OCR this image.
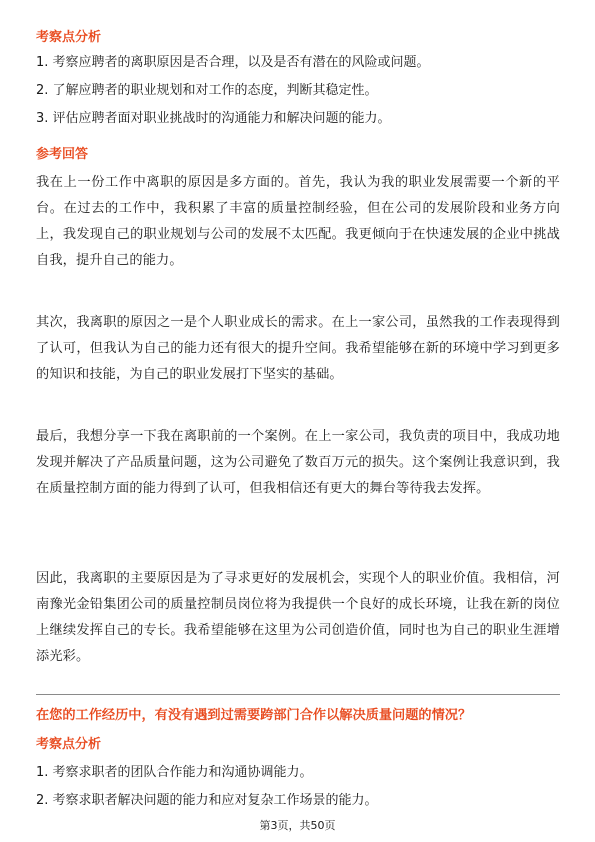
考察点分析
1. 考察应聘者的离职原因是否合理，以及是否有潜在的风险或问题。
2. 了解应聘者的职业规划和对工作的态度，判断其稳定性。
3. 评估应聘者面对职业挑战时的沟通能力和解决问题的能力。
参考回答
我在上一份工作中离职的原因是多方面的。首先，我认为我的职业发展需要一个新的平台。在过去的工作中，我积累了丰富的质量控制经验，但在公司的发展阶段和业务方向上，我发现自己的职业规划与公司的发展不太匹配。我更倾向于在快速发展的企业中挑战自我，提升自己的能力。
其次，我离职的原因之一是个人职业成长的需求。在上一家公司，虽然我的工作表现得到了认可，但我认为自己的能力还有很大的提升空间。我希望能够在新的环境中学习到更多的知识和技能，为自己的职业发展打下坚实的基础。
最后，我想分享一下我在离职前的一个案例。在上一家公司，我负责的项目中，我成功地发现并解决了产品质量问题，这为公司避免了数百万元的损失。这个案例让我意识到，我在质量控制方面的能力得到了认可，但我相信还有更大的舞台等待我去发挥。
因此，我离职的主要原因是为了寻求更好的发展机会，实现个人的职业价值。我相信，河南豫光金铅集团公司的质量控制员岗位将为我提供一个良好的成长环境，让我在新的岗位上继续发挥自己的专长。我希望能够在这里为公司创造价值，同时也为自己的职业生涯增添光彩。
在您的工作经历中，有没有遇到过需要跨部门合作以解决质量问题的情况？
考察点分析
1. 考察求职者的团队合作能力和沟通协调能力。
2. 考察求职者解决问题的能力和应对复杂工作场景的能力。
第3页，共50页
